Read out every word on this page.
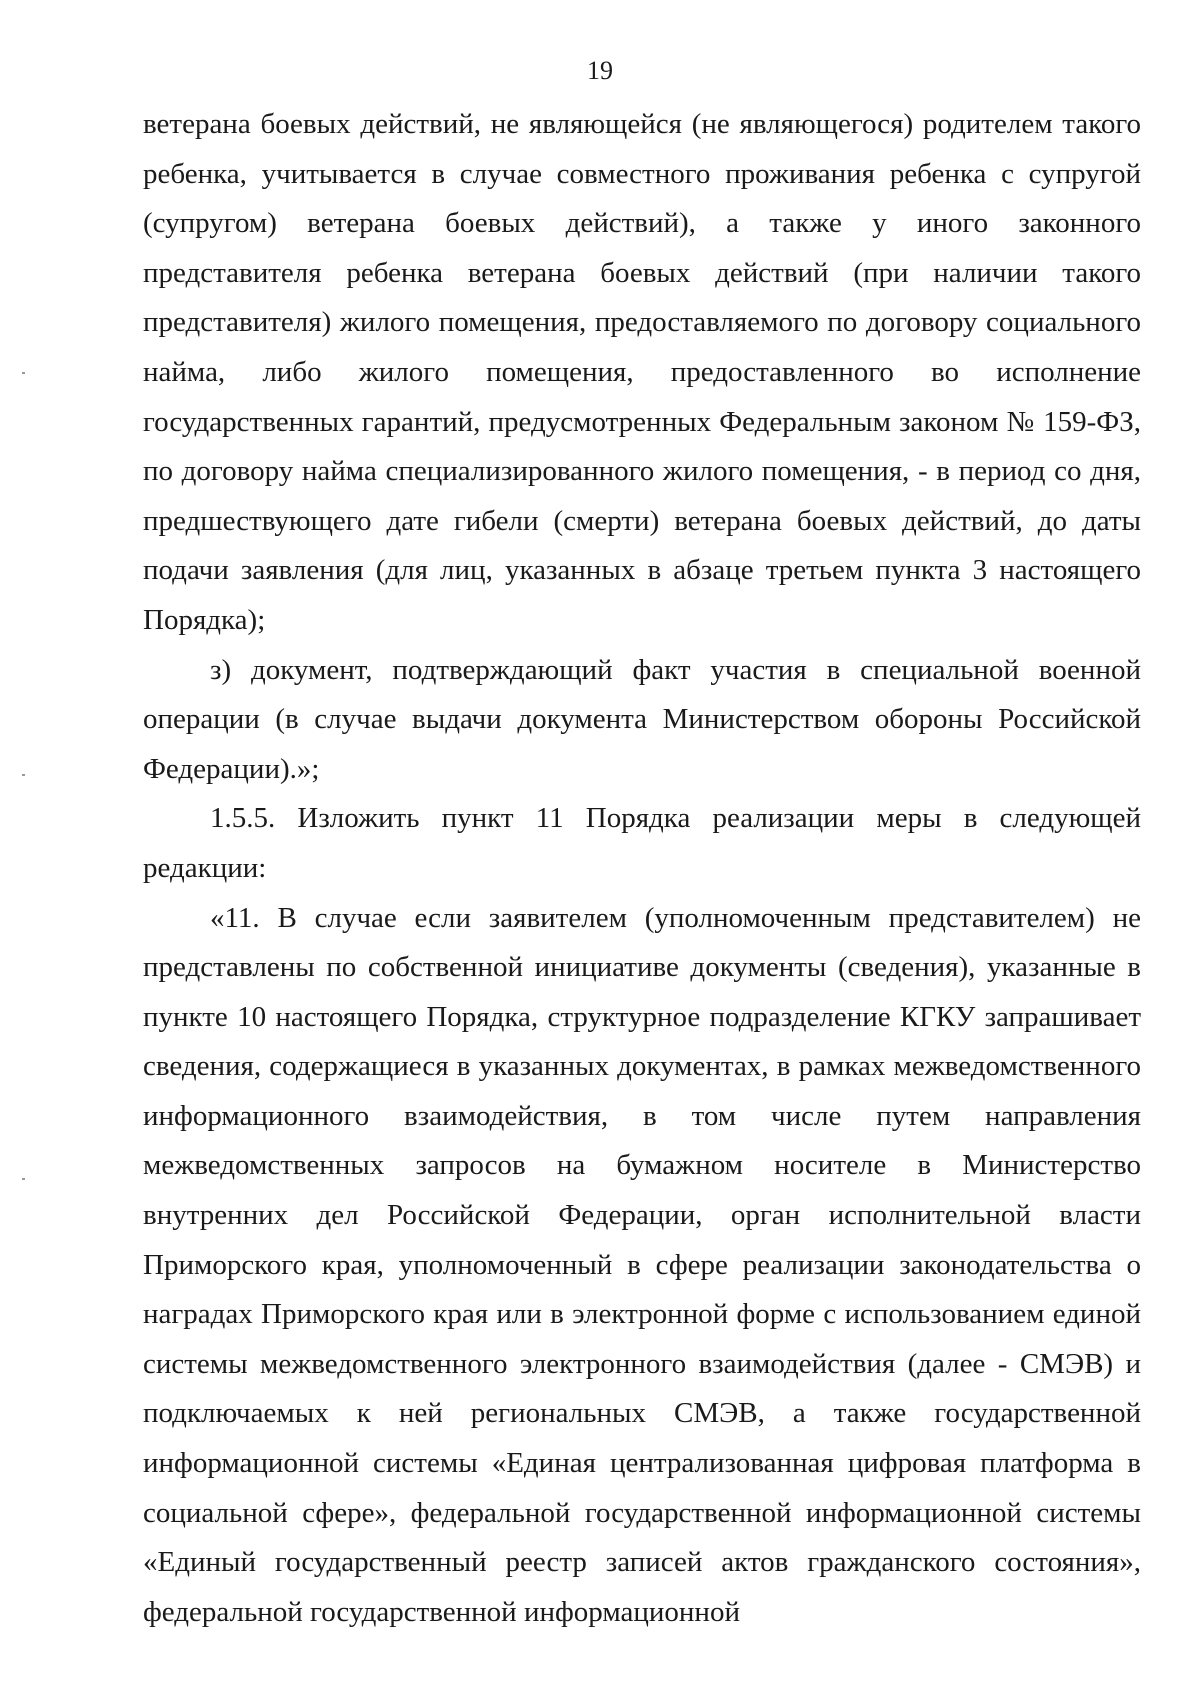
19

ветерана боевых действий, не являющейся (не являющегося) родителем такого ребенка, учитывается в случае совместного проживания ребенка с супругой (супругом) ветерана боевых действий), а также у иного законного представителя ребенка ветерана боевых действий (при наличии такого представителя) жилого помещения, предоставляемого по договору социального найма, либо жилого помещения, предоставленного во исполнение государственных гарантий, предусмотренных Федеральным законом № 159-ФЗ, по договору найма специализированного жилого помещения, - в период со дня, предшествующего дате гибели (смерти) ветерана боевых действий, до даты подачи заявления (для лиц, указанных в абзаце третьем пункта 3 настоящего Порядка);

з) документ, подтверждающий факт участия в специальной военной операции (в случае выдачи документа Министерством обороны Российской Федерации).»;

1.5.5. Изложить пункт 11 Порядка реализации меры в следующей редакции:

«11. В случае если заявителем (уполномоченным представителем) не представлены по собственной инициативе документы (сведения), указанные в пункте 10 настоящего Порядка, структурное подразделение КГКУ запрашивает сведения, содержащиеся в указанных документах, в рамках межведомственного информационного взаимодействия, в том числе путем направления межведомственных запросов на бумажном носителе в Министерство внутренних дел Российской Федерации, орган исполнительной власти Приморского края, уполномоченный в сфере реализации законодательства о наградах Приморского края или в электронной форме с использованием единой системы межведомственного электронного взаимодействия (далее - СМЭВ) и подключаемых к ней региональных СМЭВ, а также государственной информационной системы «Единая централизованная цифровая платформа в социальной сфере», федеральной государственной информационной системы «Единый государственный реестр записей актов гражданского состояния», федеральной государственной информационной
